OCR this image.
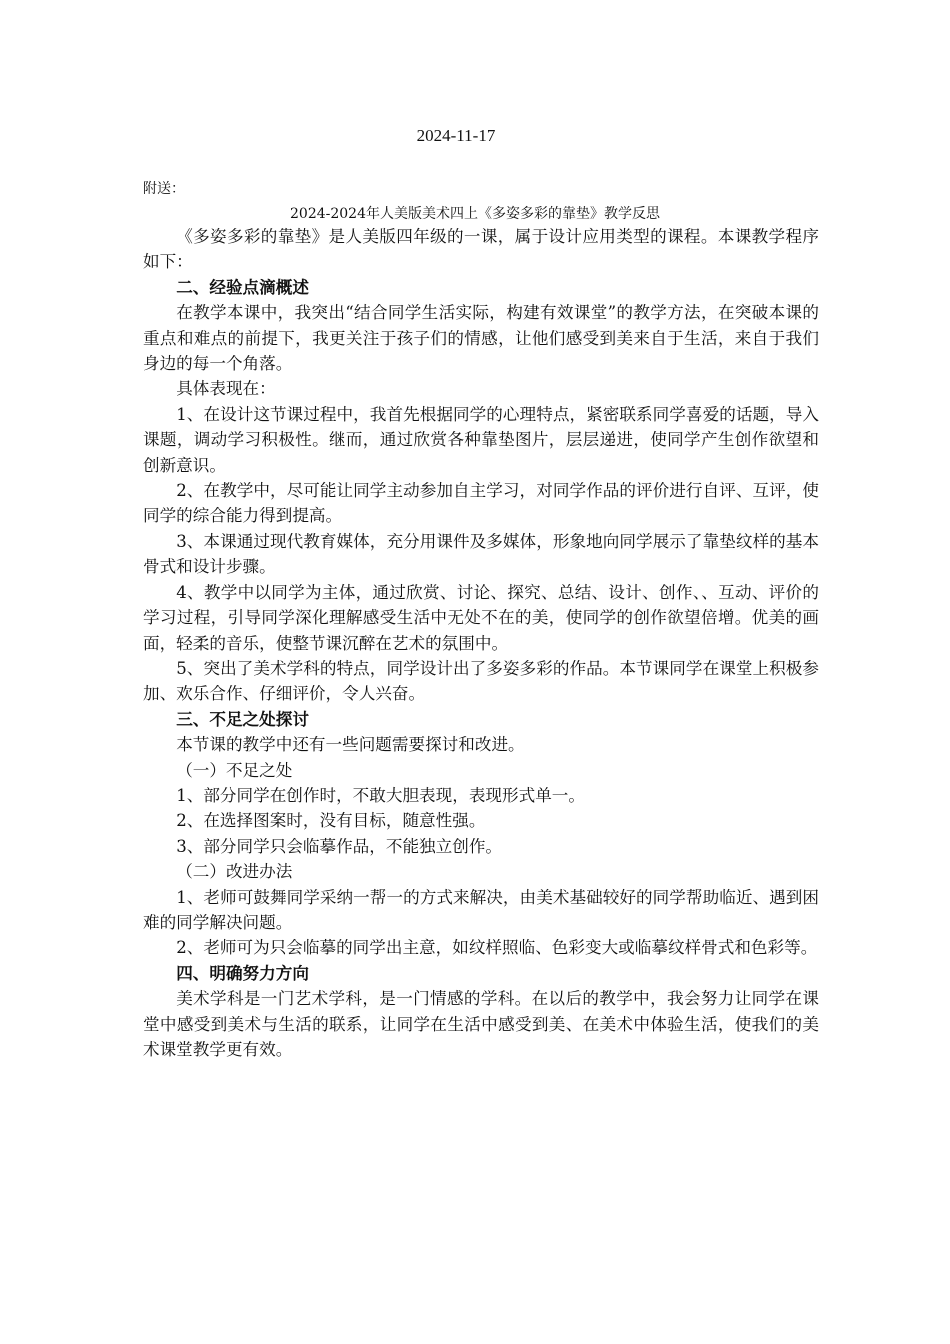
2024-11-17
附送：
2024-2024年人美版美术四上《多姿多彩的靠垫》教学反思

《多姿多彩的靠垫》是人美版四年级的一课，属于设计应用类型的课程。本课教学程序如下：

二、经验点滴概述

在教学本课中，我突出“结合同学生活实际，构建有效课堂”的教学方法，在突破本课的重点和难点的前提下，我更关注于孩子们的情感，让他们感受到美来自于生活，来自于我们身边的每一个角落。

具体表现在：

1、在设计这节课过程中，我首先根据同学的心理特点，紧密联系同学喜爱的话题，导入课题，调动学习积极性。继而，通过欣赏各种靠垫图片，层层递进，使同学产生创作欲望和创新意识。

2、在教学中，尽可能让同学主动参加自主学习，对同学作品的评价进行自评、互评，使同学的综合能力得到提高。

3、本课通过现代教育媒体，充分用课件及多媒体，形象地向同学展示了靠垫纹样的基本骨式和设计步骤。

4、教学中以同学为主体，通过欣赏、讨论、探究、总结、设计、创作、、互动、评价的学习过程，引导同学深化理解感受生活中无处不在的美，使同学的创作欲望倍增。优美的画面，轻柔的音乐，使整节课沉醉在艺术的氛围中。

5、突出了美术学科的特点，同学设计出了多姿多彩的作品。本节课同学在课堂上积极参加、欢乐合作、仔细评价，令人兴奋。

三、不足之处探讨

本节课的教学中还有一些问题需要探讨和改进。

（一）不足之处

1、部分同学在创作时，不敢大胆表现，表现形式单一。

2、在选择图案时，没有目标，随意性强。

3、部分同学只会临摹作品，不能独立创作。

（二）改进办法

1、老师可鼓舞同学采纳一帮一的方式来解决，由美术基础较好的同学帮助临近、遇到困难的同学解决问题。

2、老师可为只会临摹的同学出主意，如纹样照临、色彩变大或临摹纹样骨式和色彩等。

四、明确努力方向

美术学科是一门艺术学科，是一门情感的学科。在以后的教学中，我会努力让同学在课堂中感受到美术与生活的联系，让同学在生活中感受到美、在美术中体验生活，使我们的美术课堂教学更有效。
